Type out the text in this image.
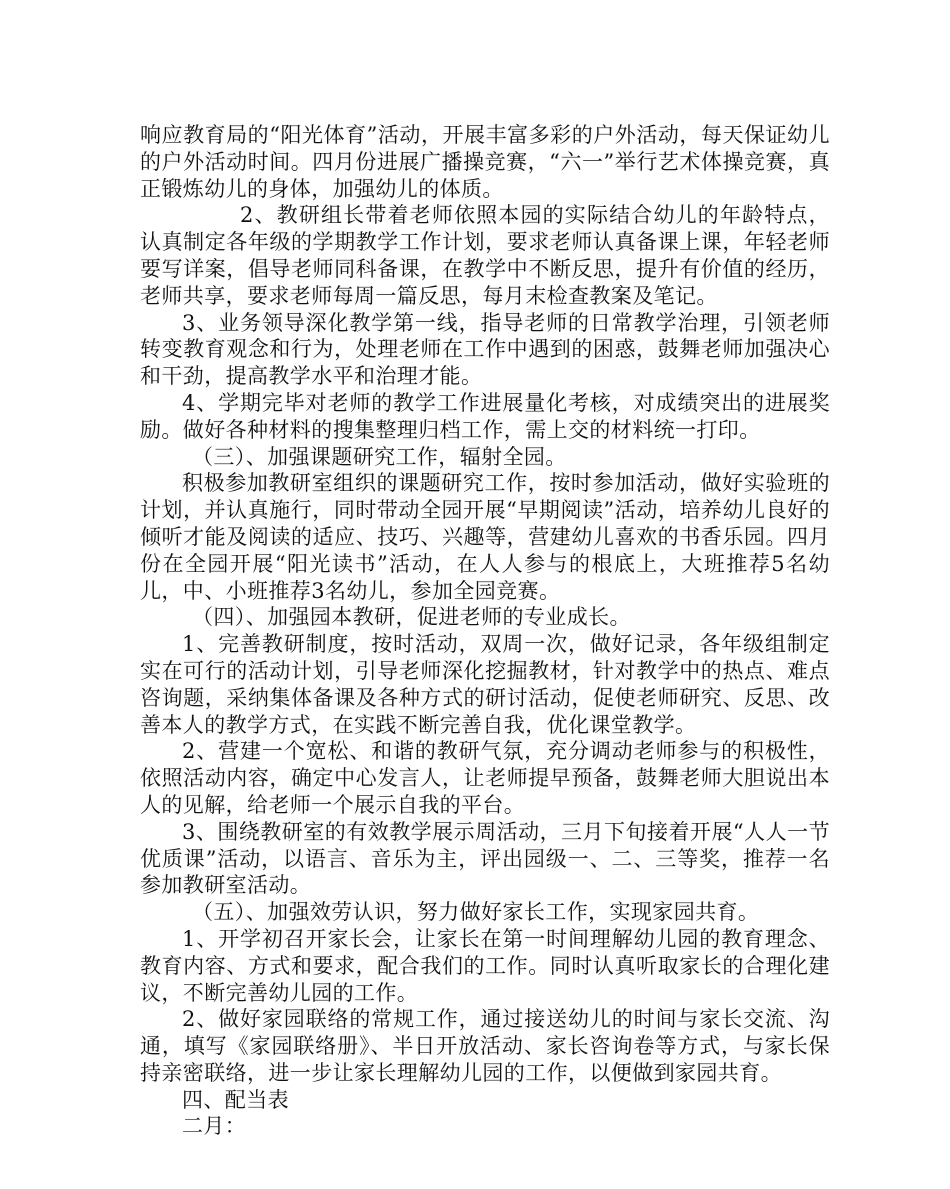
响应教育局的“阳光体育”活动，开展丰富多彩的户外活动，每天保证幼儿的户外活动时间。四月份进展广播操竞赛，“六一”举行艺术体操竞赛，真正锻炼幼儿的身体，加强幼儿的体质。

2、教研组长带着老师依照本园的实际结合幼儿的年龄特点，认真制定各年级的学期教学工作计划，要求老师认真备课上课，年轻老师要写详案，倡导老师同科备课，在教学中不断反思，提升有价值的经历，老师共享，要求老师每周一篇反思，每月末检查教案及笔记。

3、业务领导深化教学第一线，指导老师的日常教学治理，引领老师转变教育观念和行为，处理老师在工作中遇到的困惑，鼓舞老师加强决心和干劲，提高教学水平和治理才能。

4、学期完毕对老师的教学工作进展量化考核，对成绩突出的进展奖励。做好各种材料的搜集整理归档工作，需上交的材料统一打印。

（三）、加强课题研究工作，辐射全园。

积极参加教研室组织的课题研究工作，按时参加活动，做好实验班的计划，并认真施行，同时带动全园开展“早期阅读”活动，培养幼儿良好的倾听才能及阅读的适应、技巧、兴趣等，营建幼儿喜欢的书香乐园。四月份在全园开展“阳光读书”活动，在人人参与的根底上，大班推荐5名幼儿，中、小班推荐3名幼儿，参加全园竞赛。

（四）、加强园本教研，促进老师的专业成长。

1、完善教研制度，按时活动，双周一次，做好记录，各年级组制定实在可行的活动计划，引导老师深化挖掘教材，针对教学中的热点、难点咨询题，采纳集体备课及各种方式的研讨活动，促使老师研究、反思、改善本人的教学方式，在实践不断完善自我，优化课堂教学。

2、营建一个宽松、和谐的教研气氛，充分调动老师参与的积极性，依照活动内容，确定中心发言人，让老师提早预备，鼓舞老师大胆说出本人的见解，给老师一个展示自我的平台。

3、围绕教研室的有效教学展示周活动，三月下旬接着开展“人人一节优质课”活动，以语言、音乐为主，评出园级一、二、三等奖，推荐一名参加教研室活动。

（五）、加强效劳认识，努力做好家长工作，实现家园共育。

1、开学初召开家长会，让家长在第一时间理解幼儿园的教育理念、教育内容、方式和要求，配合我们的工作。同时认真听取家长的合理化建议，不断完善幼儿园的工作。

2、做好家园联络的常规工作，通过接送幼儿的时间与家长交流、沟通，填写《家园联络册》、半日开放活动、家长咨询卷等方式，与家长保持亲密联络，进一步让家长理解幼儿园的工作，以便做到家园共育。

四、配当表

二月：
